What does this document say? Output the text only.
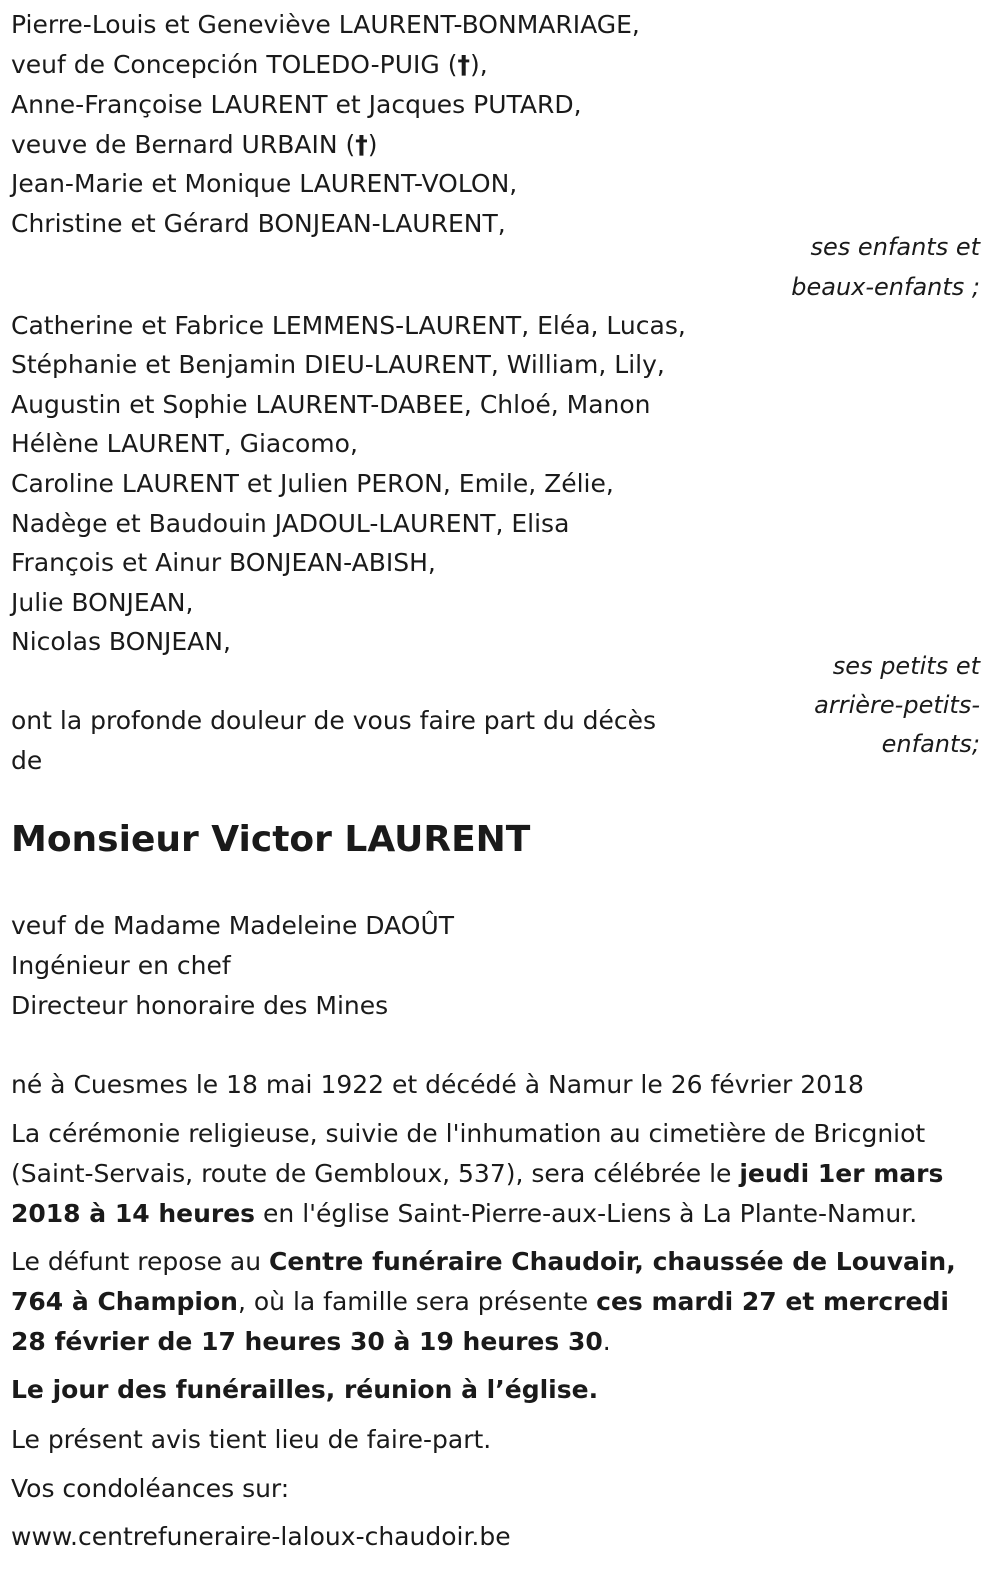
Pierre-Louis et Geneviève LAURENT-BONMARIAGE,
veuf de Concepción TOLEDO-PUIG (†),
Anne-Françoise LAURENT et Jacques PUTARD,
veuve de Bernard URBAIN (†)
Jean-Marie et Monique LAURENT-VOLON,
Christine et Gérard BONJEAN-LAURENT,
ses enfants et
beaux-enfants ;
Catherine et Fabrice LEMMENS-LAURENT, Eléa, Lucas,
Stéphanie et Benjamin DIEU-LAURENT, William, Lily,
Augustin et Sophie LAURENT-DABEE, Chloé, Manon
Hélène LAURENT, Giacomo,
Caroline LAURENT et Julien PERON, Emile, Zélie,
Nadège et Baudouin JADOUL-LAURENT, Elisa
François et Ainur BONJEAN-ABISH,
Julie BONJEAN,
Nicolas BONJEAN,
ses petits et
arrière-petits-
enfants;
ont la profonde douleur de vous faire part du décès
de
Monsieur Victor LAURENT
veuf de Madame Madeleine DAOÛT
Ingénieur en chef
Directeur honoraire des Mines
né à Cuesmes le 18 mai 1922 et décédé à Namur le 26 février 2018
La cérémonie religieuse, suivie de l'inhumation au cimetière de Bricgniot (Saint-Servais, route de Gembloux, 537), sera célébrée le jeudi 1er mars 2018 à 14 heures en l'église Saint-Pierre-aux-Liens à La Plante-Namur.
Le défunt repose au Centre funéraire Chaudoir, chaussée de Louvain, 764 à Champion, où la famille sera présente ces mardi 27 et mercredi 28 février de 17 heures 30 à 19 heures 30.
Le jour des funérailles, réunion à l’église.
Le présent avis tient lieu de faire-part.
Vos condoléances sur:
www.centrefuneraire-laloux-chaudoir.be
